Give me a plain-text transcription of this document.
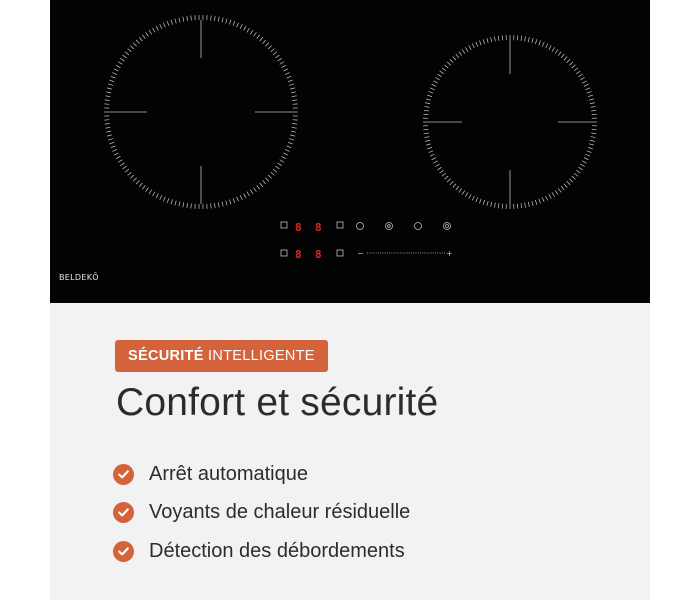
8 8
8 8	−	+
BELDEKŌ
SÉCURITÉ INTELLIGENTE
Confort et sécurité
Arrêt automatique
Voyants de chaleur résiduelle
Détection des débordements
